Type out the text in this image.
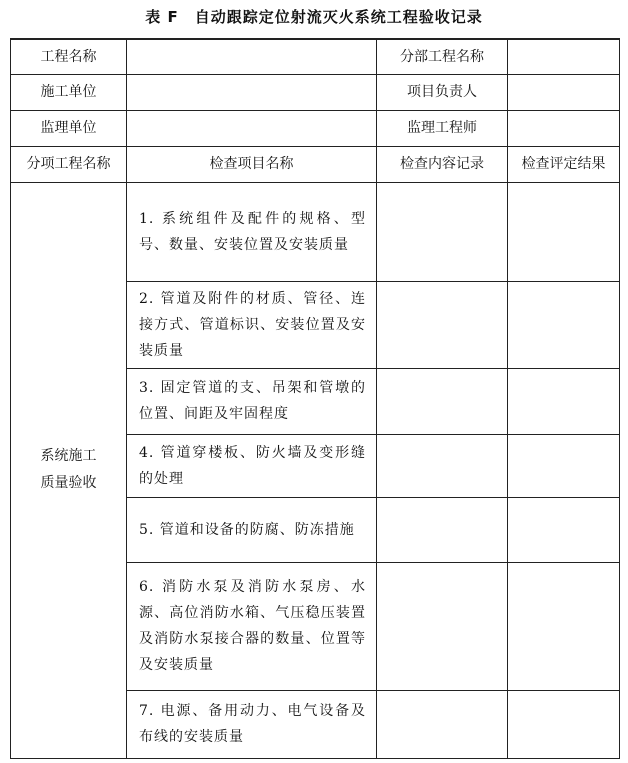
表 F　自动跟踪定位射流灭火系统工程验收记录
工程名称		分部工程名称	
施工单位		项目负责人	
监理单位		监理工程师	
分项工程名称	检查项目名称	检查内容记录	检查评定结果
系统施工
质量验收	1. 系统组件及配件的规格、型号、数量、安装位置及安装质量		
	2. 管道及附件的材质、管径、连接方式、管道标识、安装位置及安装质量		
	3. 固定管道的支、吊架和管墩的位置、间距及牢固程度		
	4. 管道穿楼板、防火墙及变形缝的处理		
	5. 管道和设备的防腐、防冻措施		
	6. 消防水泵及消防水泵房、水源、高位消防水箱、气压稳压装置及消防水泵接合器的数量、位置等及安装质量		
	7. 电源、备用动力、电气设备及布线的安装质量		
